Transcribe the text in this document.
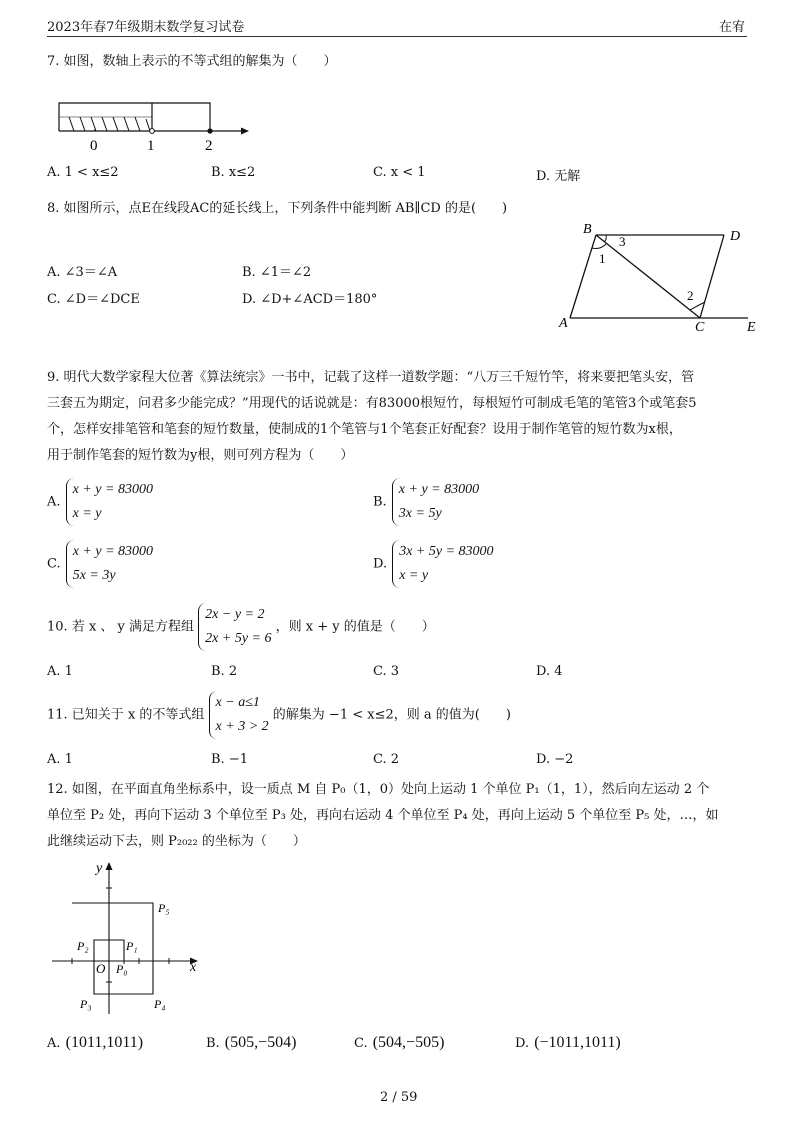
2023年春7年级期末数学复习试卷	在宥
7. 如图，数轴上表示的不等式组的解集为（　　）
0	1	2
A. 1 < x≤2	B. x≤2	C. x < 1	D. 无解
8. 如图所示，点E在线段AC的延长线上，下列条件中能判断 AB∥CD 的是(　　)
A. ∠3＝∠A	B. ∠1＝∠2
C. ∠D＝∠DCE	D. ∠D+∠ACD＝180°
B
3	D
1
2
A	C	E
9. 明代大数学家程大位著《算法统宗》一书中，记载了这样一道数学题：“八万三千短竹竿，将来要把笔头安，管
三套五为期定，问君多少能完成？”用现代的话说就是：有83000根短竹，每根短竹可制成毛笔的笔管3个或笔套5
个，怎样安排笔管和笔套的短竹数量，使制成的1个笔管与1个笔套正好配套？设用于制作笔管的短竹数为x根，
用于制作笔套的短竹数为y根，则可列方程为（　　）
A.
x + y = 83000
x = y
B.
x + y = 83000
3x = 5y
C.
x + y = 83000
5x = 3y
D.
3x + 5y = 83000
x = y
10. 若 x 、 y 满足方程组
2x − y = 2
2x + 5y = 6
，则 x + y 的值是（　　）
A. 1	B. 2	C. 3	D. 4
11. 已知关于 x 的不等式组
x − a≤1
x + 3 > 2
的解集为 −1 < x≤2，则 a 的值为(　　)
A. 1	B. −1	C. 2	D. −2
12. 如图，在平面直角坐标系中，设一质点 M 自 P₀（1，0）处向上运动 1 个单位 P₁（1，1），然后向左运动 2 个
单位至 P₂ 处，再向下运动 3 个单位至 P₃ 处，再向右运动 4 个单位至 P₄ 处，再向上运动 5 个单位至 P₅ 处，…，如
此继续运动下去，则 P₂₀₂₂ 的坐标为（　　）
y
x
O P₀
P₁
P₂
P₃	P₄
P₅
A. (1011,1011)	B. (505,−504)	C. (504,−505)	D. (−1011,1011)
2 / 59
